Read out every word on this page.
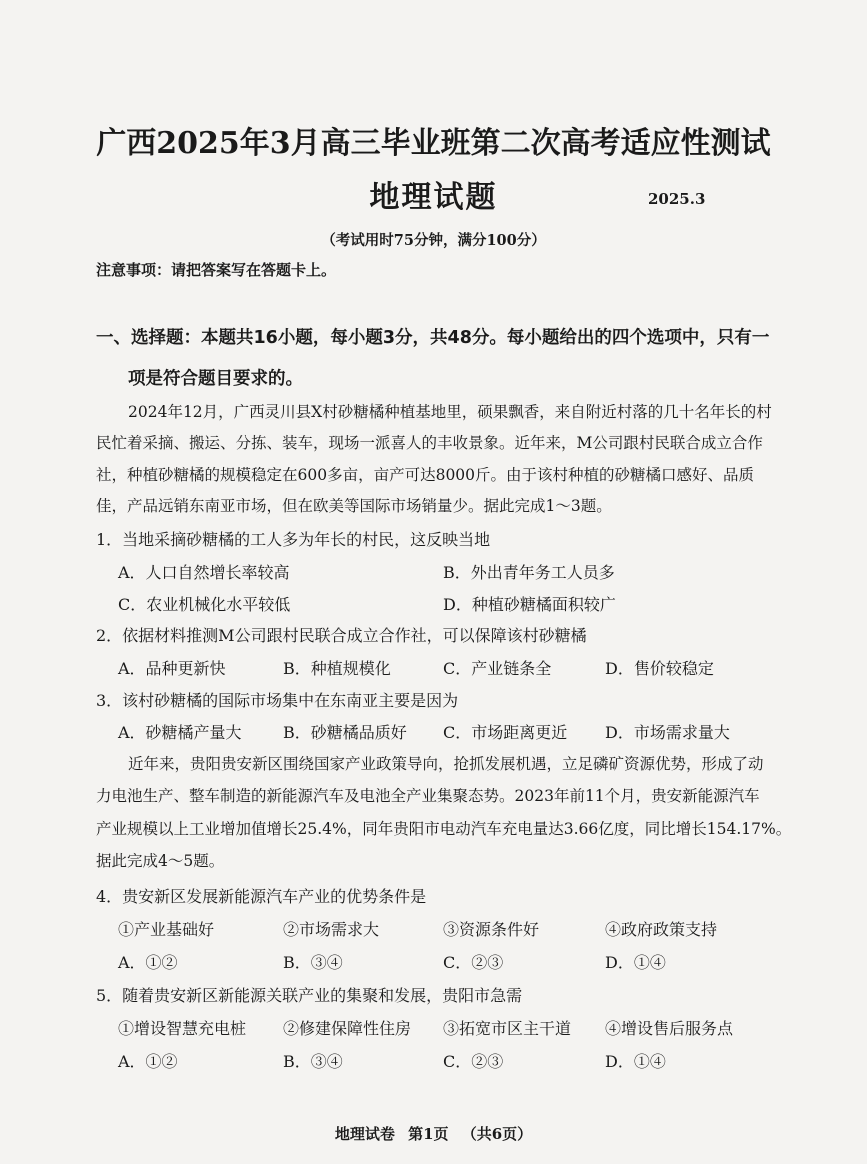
广西2025年3月高三毕业班第二次高考适应性测试
地理试题	2025.3
（考试用时75分钟，满分100分）
注意事项：请把答案写在答题卡上。
一、选择题：本题共16小题，每小题3分，共48分。每小题给出的四个选项中，只有一
项是符合题目要求的。
2024年12月，广西灵川县X村砂糖橘种植基地里，硕果飘香，来自附近村落的几十名年长的村
民忙着采摘、搬运、分拣、装车，现场一派喜人的丰收景象。近年来，M公司跟村民联合成立合作
社，种植砂糖橘的规模稳定在600多亩，亩产可达8000斤。由于该村种植的砂糖橘口感好、品质
佳，产品远销东南亚市场，但在欧美等国际市场销量少。据此完成1～3题。
1．当地采摘砂糖橘的工人多为年长的村民，这反映当地
A．人口自然增长率较高	B．外出青年务工人员多
C．农业机械化水平较低	D．种植砂糖橘面积较广
2．依据材料推测M公司跟村民联合成立合作社，可以保障该村砂糖橘
A．品种更新快	B．种植规模化	C．产业链条全	D．售价较稳定
3．该村砂糖橘的国际市场集中在东南亚主要是因为
A．砂糖橘产量大	B．砂糖橘品质好 C．市场距离更近 D．市场需求量大
近年来，贵阳贵安新区围绕国家产业政策导向，抢抓发展机遇，立足磷矿资源优势，形成了动
力电池生产、整车制造的新能源汽车及电池全产业集聚态势。2023年前11个月，贵安新能源汽车
产业规模以上工业增加值增长25.4%，同年贵阳市电动汽车充电量达3.66亿度，同比增长154.17%。
据此完成4～5题。
4．贵安新区发展新能源汽车产业的优势条件是
①产业基础好	②市场需求大	③资源条件好	④政府政策支持
A．①②	B．③④	C．②③	D．①④
5．随着贵安新区新能源关联产业的集聚和发展，贵阳市急需
①增设智慧充电桩 ②修建保障性住房 ③拓宽市区主干道 ④增设售后服务点
A．①②	B．③④	C．②③	D．①④
地理试卷 第1页 （共6页）
